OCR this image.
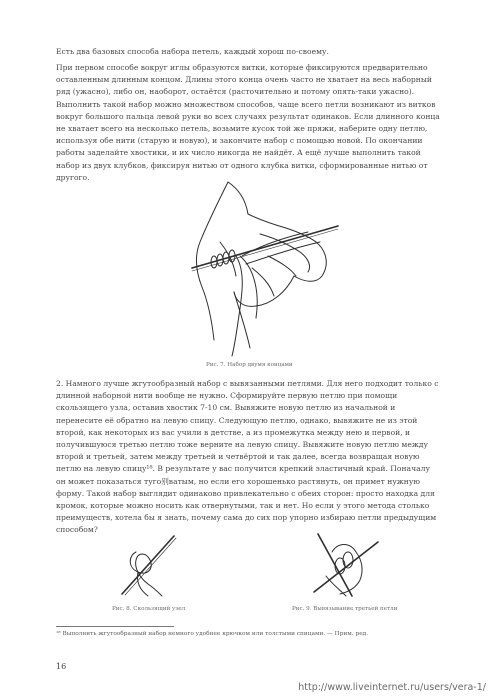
Есть два базовых способа набора петель, каждый хорош по-своему.

При первом способе вокруг иглы образуются витки, которые фиксируются предварительно оставленным длинным концом. Длины этого конца очень часто не хватает на весь наборный ряд (ужасно), либо он, наоборот, остаётся (расточительно и потому опять-таки ужасно). Выполнить такой набор можно множеством способов, чаще всего петли возникают из витков вокруг большого пальца левой руки во всех случаях результат одинаков. Если длинного конца не хватает всего на несколько петель, возьмите кусок той же пряжи, наберите одну петлю, используя обе нити (старую и новую), и закончите набор с помощью новой. По окончании работы заделайте хвостики, и их число никогда не найдёт. А ещё лучше выполнить такой набор из двух клубков, фиксируя нитью от одного клубка витки, сформированные нитью от другого.

Рис. 7. Набор двумя концами

2. Намного лучше жгутообразный набор с вывязанными петлями. Для него подходит только с длинной наборной нити вообще не нужно. Сформируйте первую петлю при помощи скользящего узла, оставив хвостик 7-10 см. Вывяжите новую петлю из начальной и перенесите её обратно на левую спицу. Следующую петлю, однако, вывяжите не из этой второй, как некоторых из вас учили в детстве, а из промежутка между нею и первой, и получившуюся третью петлю тоже верните на левую спицу. Вывяжите новую петлю между второй и третьей, затем между третьей и четвёртой и так далее, всегда возвращая новую петлю на левую спицу¹⁸. В результате у вас получится крепкий эластичный край. Поначалу он может показаться туго别ватым, но если его хорошенько растянуть, он примет нужную форму. Такой набор выглядит одинаково привлекательно с обеих сторон: просто находка для кромок, которые можно носить как отвернутыми, так и нет. Но если у этого метода столько преимуществ, хотела бы я знать, почему сама до сих пор упорно избираю петли предыдущим способом?

Рис. 8. Скользящий узел	Рис. 9. Вывязывание третьей петли
¹⁸ Выполнить жгутообразный набор немного удобнее крючком или толстыми спицами. — Прим. ред.
16
http://www.liveinternet.ru/users/vera-1/
